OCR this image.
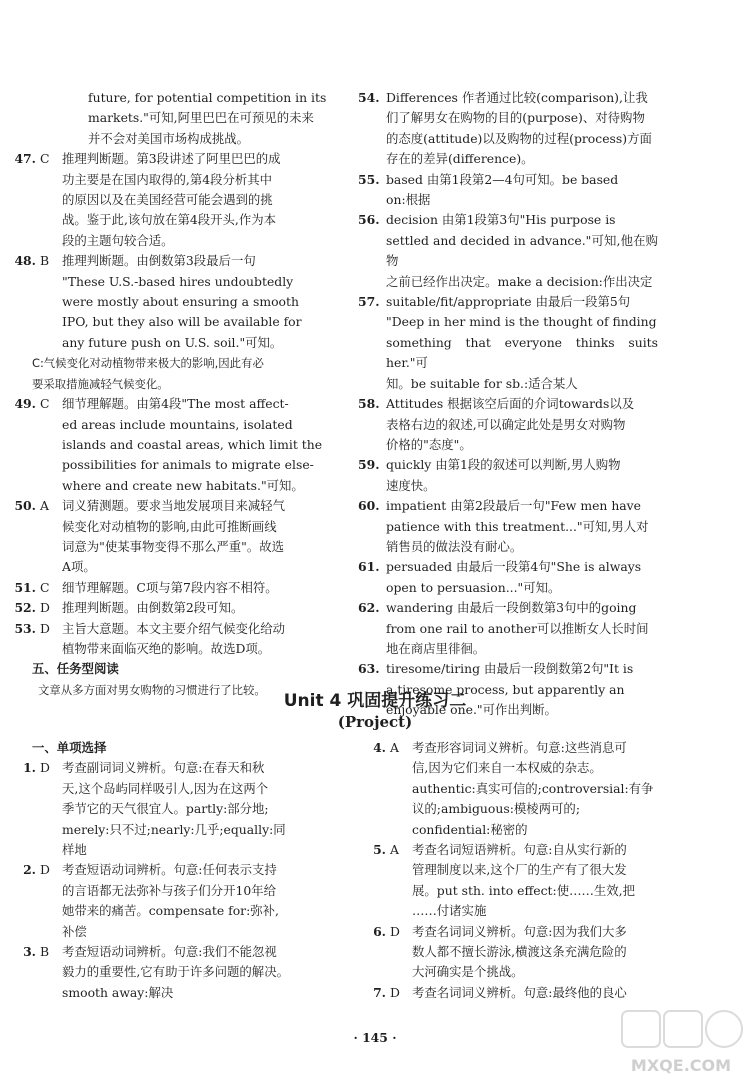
future, for potential competition in its
markets."可知,阿里巴巴在可预见的未来
并不会对美国市场构成挑战。
47. C	推理判断题。第3段讲述了阿里巴巴的成
功主要是在国内取得的,第4段分析其中
的原因以及在美国经营可能会遇到的挑
战。鉴于此,该句放在第4段开头,作为本
段的主题句较合适。
48. B	推理判断题。由倒数第3段最后一句
"These U.S.-based hires undoubtedly
were mostly about ensuring a smooth
IPO, but they also will be available for
any future push on U.S. soil."可知。
C:气候变化对动植物带来极大的影响,因此有必
要采取措施减轻气候变化。
49. C	细节理解题。由第4段"The most affect-
ed areas include mountains, isolated
islands and coastal areas, which limit the
possibilities for animals to migrate else-
where and create new habitats."可知。
50. A	词义猜测题。要求当地发展项目来减轻气
候变化对动植物的影响,由此可推断画线
词意为"使某事物变得不那么严重"。故选
A项。
51. C	细节理解题。C项与第7段内容不相符。
52. D 推理判断题。由倒数第2段可知。
53. D 主旨大意题。本文主要介绍气候变化给动
植物带来面临灭绝的影响。故选D项。
五、任务型阅读
文章从多方面对男女购物的习惯进行了比较。
54. Differences 作者通过比较(comparison),让我
们了解男女在购物的目的(purpose)、对待购物
的态度(attitude)以及购物的过程(process)方面
存在的差异(difference)。
55. based 由第1段第2—4句可知。be based
on:根据
56. decision 由第1段第3句"His purpose is
settled and decided in advance."可知,他在购物
之前已经作出决定。make a decision:作出决定
57. suitable/fit/appropriate 由最后一段第5句
"Deep in her mind is the thought of finding
something that everyone thinks suits her."可
知。be suitable for sb.:适合某人
58. Attitudes 根据该空后面的介词towards以及
表格右边的叙述,可以确定此处是男女对购物
价格的"态度"。
59. quickly 由第1段的叙述可以判断,男人购物
速度快。
60. impatient 由第2段最后一句"Few men have
patience with this treatment..."可知,男人对
销售员的做法没有耐心。
61. persuaded 由最后一段第4句"She is always
open to persuasion..."可知。
62. wandering 由最后一段倒数第3句中的going
from one rail to another可以推断女人长时间
地在商店里徘徊。
63. tiresome/tiring 由最后一段倒数第2句"It is
a tiresome process, but apparently an
enjoyable one."可作出判断。
Unit 4 巩固提升练习二
(Project)
一、单项选择
1. D 考查副词词义辨析。句意:在春天和秋
天,这个岛屿同样吸引人,因为在这两个
季节它的天气很宜人。partly:部分地;
merely:只不过;nearly:几乎;equally:同
样地
2. D 考查短语动词辨析。句意:任何表示支持
的言语都无法弥补与孩子们分开10年给
她带来的痛苦。compensate for:弥补,
补偿
3. B	考查短语动词辨析。句意:我们不能忽视
毅力的重要性,它有助于许多问题的解决。
smooth away:解决
4. A	考查形容词词义辨析。句意:这些消息可
信,因为它们来自一本权威的杂志。
authentic:真实可信的;controversial:有争
议的;ambiguous:模棱两可的;
confidential:秘密的
5. A	考查名词短语辨析。句意:自从实行新的
管理制度以来,这个厂的生产有了很大发
展。put sth. into effect:使……生效,把
……付诸实施
6. D 考查名词词义辨析。句意:因为我们大多
数人都不擅长游泳,横渡这条充满危险的
大河确实是个挑战。
7. D 考查名词词义辨析。句意:最终他的良心
· 145 ·
MXQE.COM
